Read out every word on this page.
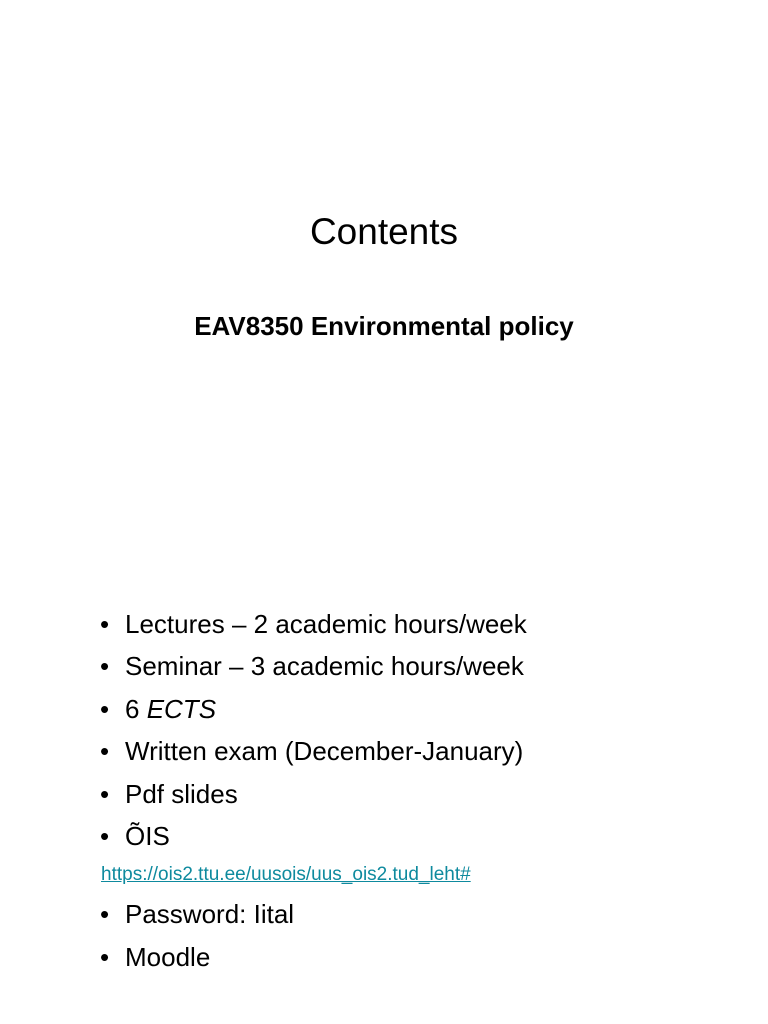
Contents
EAV8350 Environmental policy
• Lectures – 2 academic hours/week
• Seminar – 3 academic hours/week
• 6 ECTS
• Written exam (December-January)
• Pdf slides
• ÕIS
https://ois2.ttu.ee/uusois/uus_ois2.tud_leht#
• Password: Iital
• Moodle
